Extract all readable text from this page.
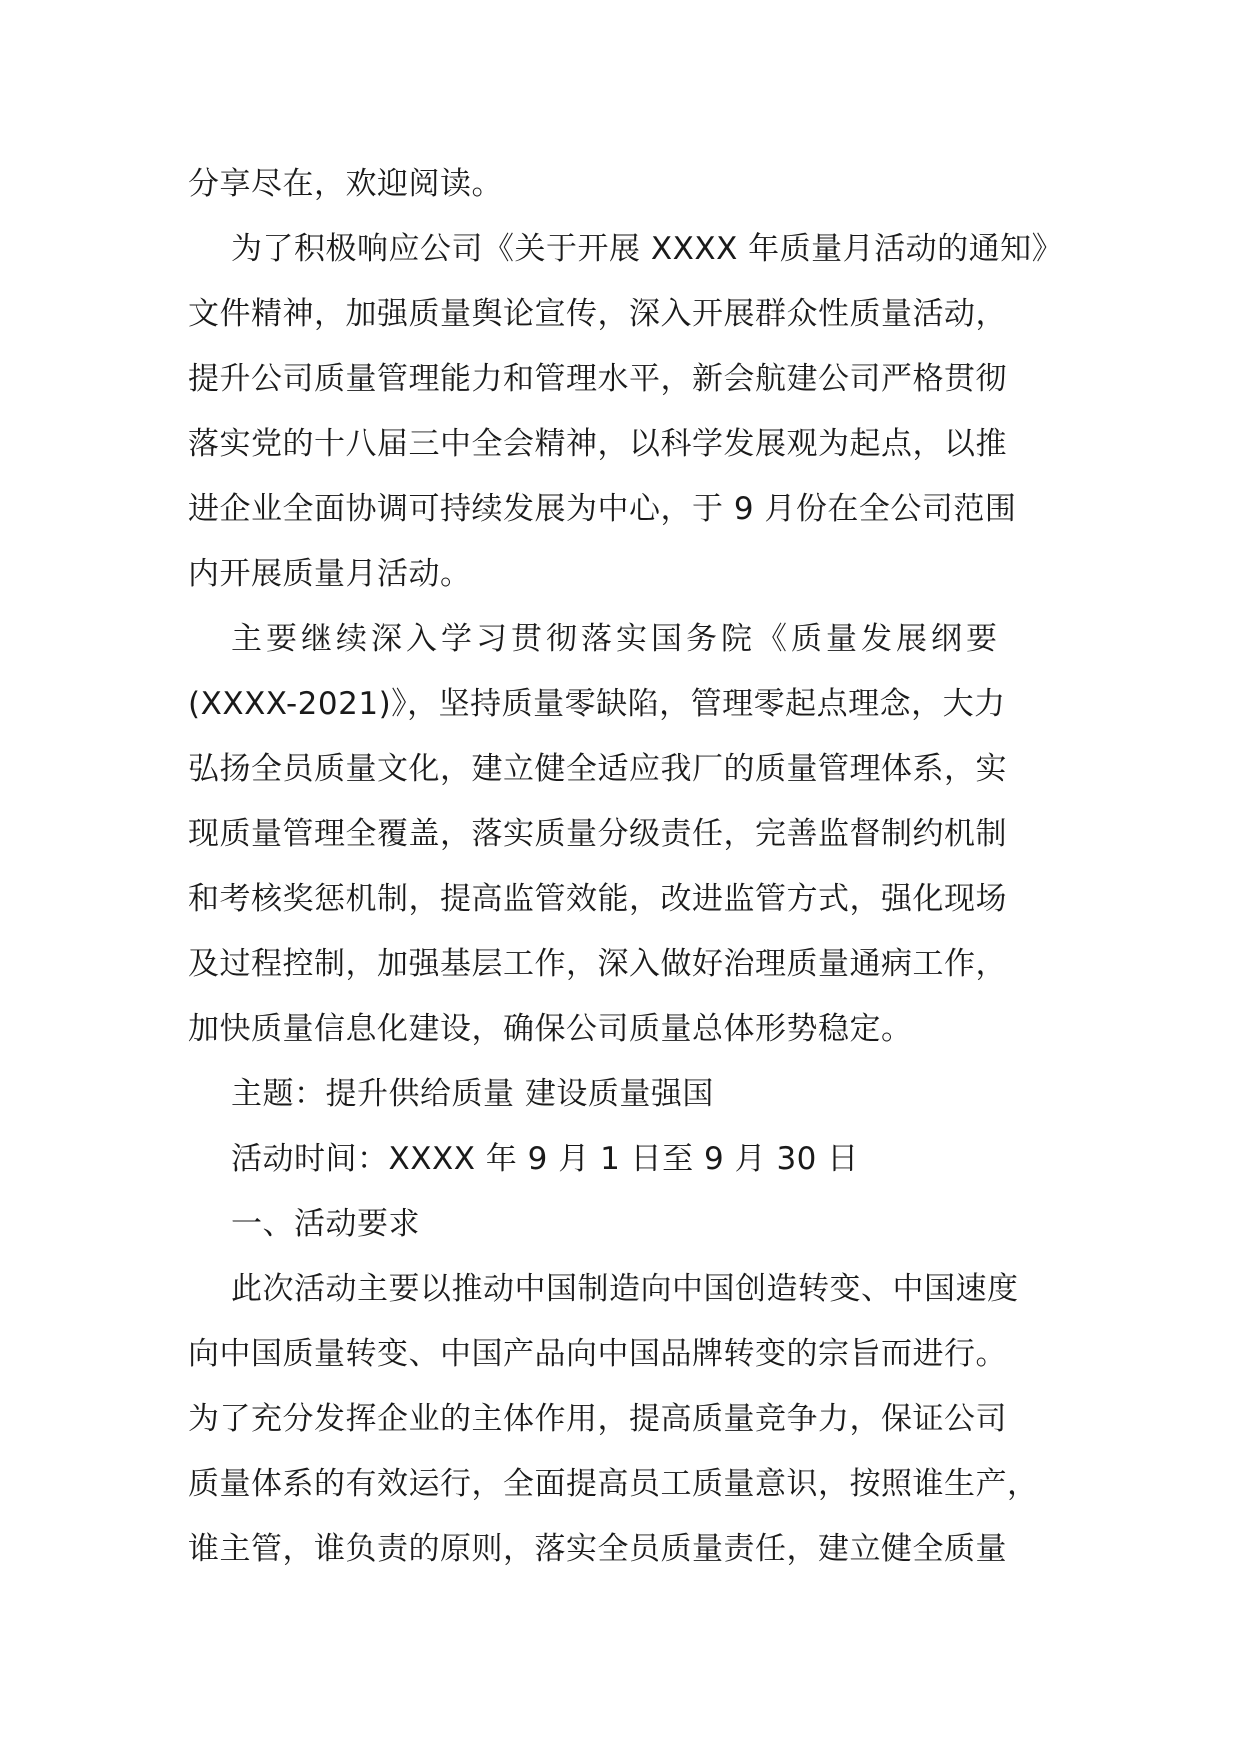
分享尽在，欢迎阅读。
为了积极响应公司《关于开展 XXXX 年质量月活动的通知》
文件精神，加强质量舆论宣传，深入开展群众性质量活动，
提升公司质量管理能力和管理水平，新会航建公司严格贯彻
落实党的十八届三中全会精神，以科学发展观为起点，以推
进企业全面协调可持续发展为中心，于 9 月份在全公司范围
内开展质量月活动。
主要继续深入学习贯彻落实国务院《质量发展纲要
(XXXX-2021)》，坚持质量零缺陷，管理零起点理念，大力
弘扬全员质量文化，建立健全适应我厂的质量管理体系，实
现质量管理全覆盖，落实质量分级责任，完善监督制约机制
和考核奖惩机制，提高监管效能，改进监管方式，强化现场
及过程控制，加强基层工作，深入做好治理质量通病工作，
加快质量信息化建设，确保公司质量总体形势稳定。
主题：提升供给质量 建设质量强国
活动时间：XXXX 年 9 月 1 日至 9 月 30 日
一、活动要求
此次活动主要以推动中国制造向中国创造转变、中国速度
向中国质量转变、中国产品向中国品牌转变的宗旨而进行。
为了充分发挥企业的主体作用，提高质量竞争力，保证公司
质量体系的有效运行，全面提高员工质量意识，按照谁生产，
谁主管，谁负责的原则，落实全员质量责任，建立健全质量
